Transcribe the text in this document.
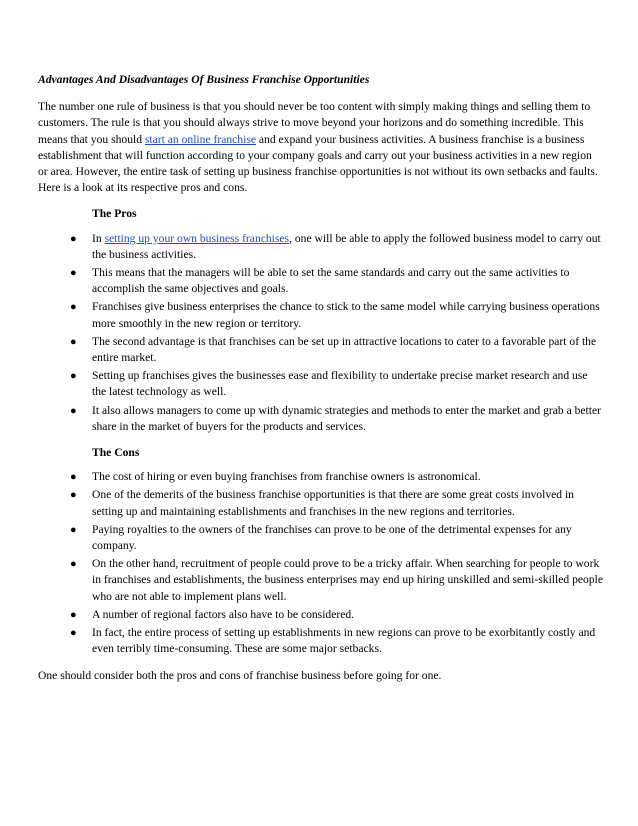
Advantages And Disadvantages Of Business Franchise Opportunities

The number one rule of business is that you should never be too content with simply making things and selling them to customers. The rule is that you should always strive to move beyond your horizons and do something incredible. This means that you should start an online franchise and expand your business activities. A business franchise is a business establishment that will function according to your company goals and carry out your business activities in a new region or area. However, the entire task of setting up business franchise opportunities is not without its own setbacks and faults. Here is a look at its respective pros and cons.

The Pros

● In setting up your own business franchises, one will be able to apply the followed business model to carry out the business activities.
● This means that the managers will be able to set the same standards and carry out the same activities to accomplish the same objectives and goals.
● Franchises give business enterprises the chance to stick to the same model while carrying business operations more smoothly in the new region or territory.
● The second advantage is that franchises can be set up in attractive locations to cater to a favorable part of the entire market.
● Setting up franchises gives the businesses ease and flexibility to undertake precise market research and use the latest technology as well.
● It also allows managers to come up with dynamic strategies and methods to enter the market and grab a better share in the market of buyers for the products and services.

The Cons

● The cost of hiring or even buying franchises from franchise owners is astronomical.
● One of the demerits of the business franchise opportunities is that there are some great costs involved in setting up and maintaining establishments and franchises in the new regions and territories.
● Paying royalties to the owners of the franchises can prove to be one of the detrimental expenses for any company.
● On the other hand, recruitment of people could prove to be a tricky affair. When searching for people to work in franchises and establishments, the business enterprises may end up hiring unskilled and semi-skilled people who are not able to implement plans well.
● A number of regional factors also have to be considered.
● In fact, the entire process of setting up establishments in new regions can prove to be exorbitantly costly and even terribly time-consuming. These are some major setbacks.

One should consider both the pros and cons of franchise business before going for one.
